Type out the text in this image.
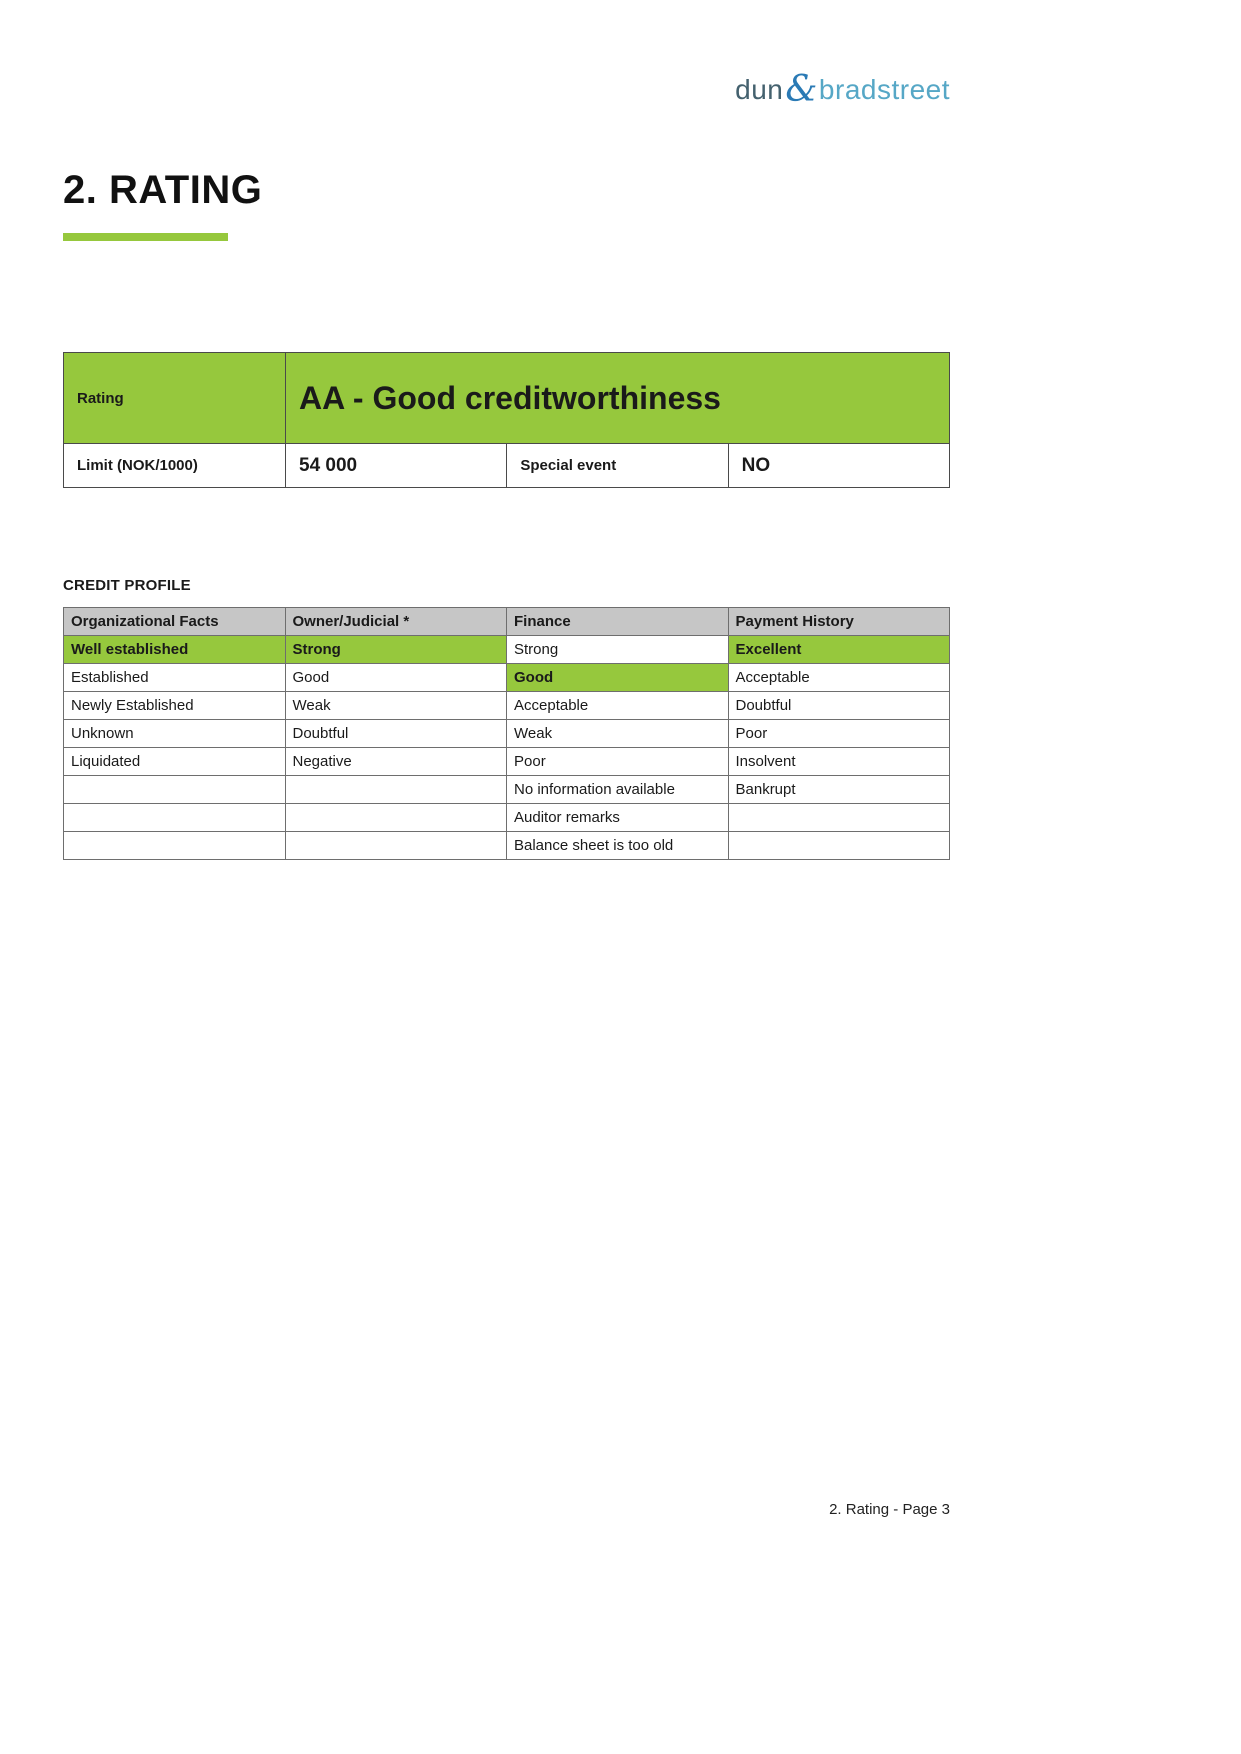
dun & bradstreet
2. RATING
Rating	AA - Good creditworthiness		
Limit (NOK/1000)	54 000	Special event	NO
CREDIT PROFILE
Organizational Facts	Owner/Judicial *	Finance	Payment History
Well established	Strong	Strong	Excellent
Established	Good	Good	Acceptable
Newly Established	Weak	Acceptable	Doubtful
Unknown	Doubtful	Weak	Poor
Liquidated	Negative	Poor	Insolvent
		No information available	Bankrupt
		Auditor remarks	
		Balance sheet is too old	
2. Rating - Page 3
